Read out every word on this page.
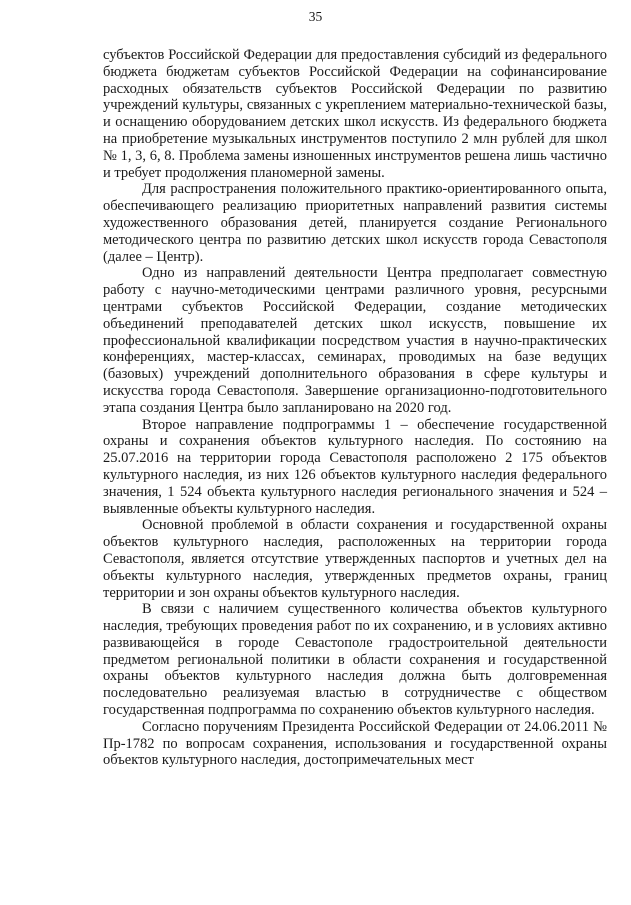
35

субъектов Российской Федерации для предоставления субсидий из федерального бюджета бюджетам субъектов Российской Федерации на софинансирование расходных обязательств субъектов Российской Федерации по развитию учреждений культуры, связанных с укреплением материально-технической базы, и оснащению оборудованием детских школ искусств. Из федерального бюджета на приобретение музыкальных инструментов поступило 2 млн рублей для школ № 1, 3, 6, 8. Проблема замены изношенных инструментов решена лишь частично и требует продолжения планомерной замены.

Для распространения положительного практико-ориентированного опыта, обеспечивающего реализацию приоритетных направлений развития системы художественного образования детей, планируется создание Регионального методического центра по развитию детских школ искусств города Севастополя (далее – Центр).

Одно из направлений деятельности Центра предполагает совместную работу с научно-методическими центрами различного уровня, ресурсными центрами субъектов Российской Федерации, создание методических объединений преподавателей детских школ искусств, повышение их профессиональной квалификации посредством участия в научно-практических конференциях, мастер-классах, семинарах, проводимых на базе ведущих (базовых) учреждений дополнительного образования в сфере культуры и искусства города Севастополя. Завершение организационно-подготовительного этапа создания Центра было запланировано на 2020 год.

Второе направление подпрограммы 1 – обеспечение государственной охраны и сохранения объектов культурного наследия. По состоянию на 25.07.2016 на территории города Севастополя расположено 2 175 объектов культурного наследия, из них 126 объектов культурного наследия федерального значения, 1 524 объекта культурного наследия регионального значения и 524 – выявленные объекты культурного наследия.

Основной проблемой в области сохранения и государственной охраны объектов культурного наследия, расположенных на территории города Севастополя, является отсутствие утвержденных паспортов и учетных дел на объекты культурного наследия, утвержденных предметов охраны, границ территории и зон охраны объектов культурного наследия.

В связи с наличием существенного количества объектов культурного наследия, требующих проведения работ по их сохранению, и в условиях активно развивающейся в городе Севастополе градостроительной деятельности предметом региональной политики в области сохранения и государственной охраны объектов культурного наследия должна быть долговременная последовательно реализуемая властью в сотрудничестве с обществом государственная подпрограмма по сохранению объектов культурного наследия.

Согласно поручениям Президента Российской Федерации от 24.06.2011 № Пр-1782 по вопросам сохранения, использования и государственной охраны объектов культурного наследия, достопримечательных мест
